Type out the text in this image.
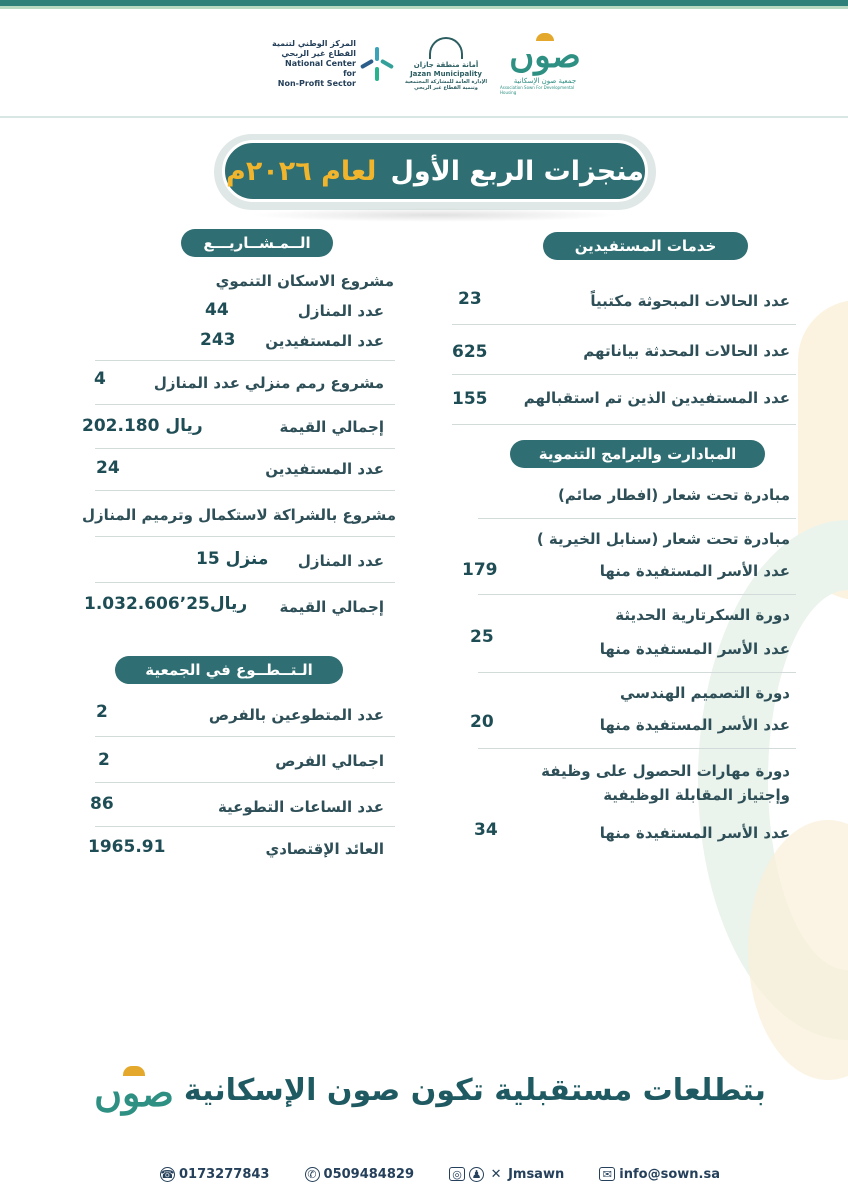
المركز الوطني لتنمية القطاع غير الربحي
National Center for
Non-Profit Sector
أمانة منطقة جازان
Jazan Municipality
الإدارة العامة للمشاركة المجتمعية وتنمية القطاع غير الربحي
صوں
جمعية صون الإسكانية
Association Sown For Developmental Housing
منجزات الربع الأول
لعام ٢٠٢٦م
خدمات المستفيدين
عدد الحالات المبحوثة مكتبياً
23
عدد الحالات المحدثة بياناتهم
625
عدد المستفيدين الذين تم استقبالهم
155
المبادارت والبرامج التنموية
مبادرة تحت شعار (افطار صائم)
مبادرة تحت شعار (سنابل الخيرية )
عدد الأسر المستفيدة منها
179
دورة السكرتارية الحديثة
عدد الأسر المستفيدة منها
25
دورة التصميم الهندسي
عدد الأسر المستفيدة منها
20
دورة مهارات الحصول على وظيفة
وإجتياز المقابلة الوظيفية
عدد الأسر المستفيدة منها
34
الــمـشــاريـــع
مشروع الاسكان التنموي
عدد المنازل
44
عدد المستفيدين
243
مشروع رمم منزلي
عدد المنازل
4
إجمالي القيمة
202.180 ريال
عدد المستفيدين
24
مشروع بالشراكة لاستكمال وترميم المنازل
عدد المنازل
15 منزل
إجمالي القيمة
1.032.606٬25ريال
الـتــطــوع في الجمعية
عدد المتطوعين بالفرص
2
اجمالي الفرص
2
عدد الساعات التطوعية
86
العائد الإقتصادي
1965.91
بتطلعات مستقبلية تكون صون الإسكانية
صوں
☎ 0173277843	✆ 0509484829	◎ ♟ ✕ Jmsawn	✉ info@sown.sa
